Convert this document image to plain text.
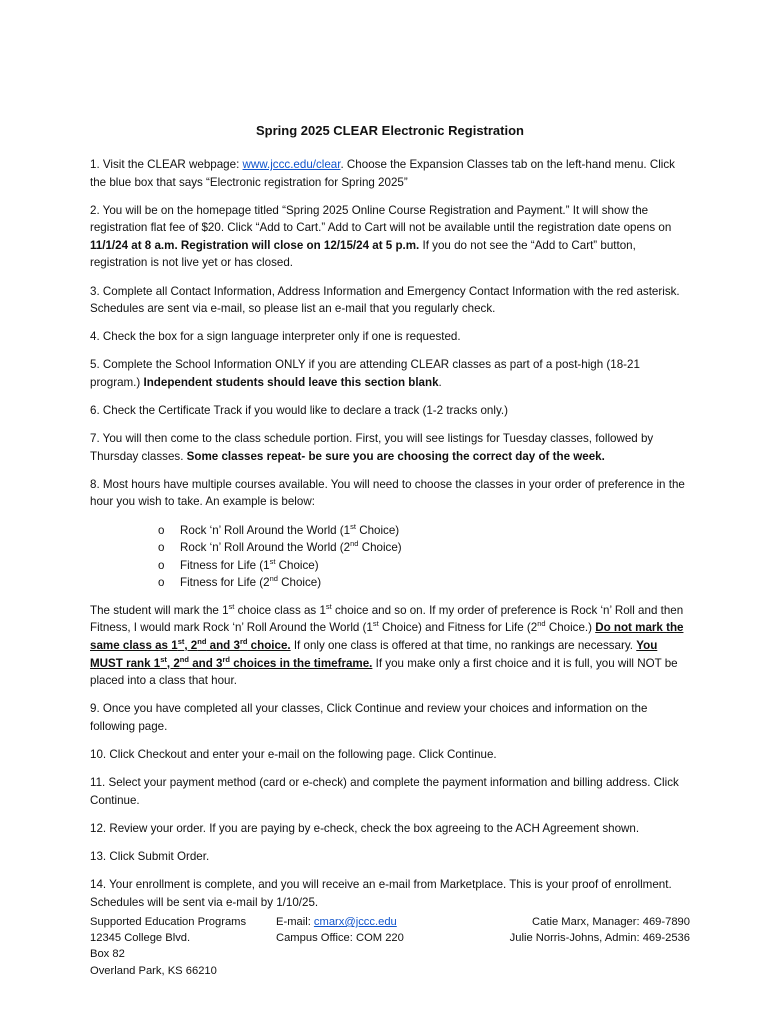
Spring 2025 CLEAR Electronic Registration

1. Visit the CLEAR webpage: www.jccc.edu/clear. Choose the Expansion Classes tab on the left-hand menu. Click the blue box that says “Electronic registration for Spring 2025”

2. You will be on the homepage titled “Spring 2025 Online Course Registration and Payment.” It will show the registration flat fee of $20. Click “Add to Cart.” Add to Cart will not be available until the registration date opens on 11/1/24 at 8 a.m. Registration will close on 12/15/24 at 5 p.m. If you do not see the “Add to Cart” button, registration is not live yet or has closed.

3. Complete all Contact Information, Address Information and Emergency Contact Information with the red asterisk. Schedules are sent via e-mail, so please list an e-mail that you regularly check.

4. Check the box for a sign language interpreter only if one is requested.

5. Complete the School Information ONLY if you are attending CLEAR classes as part of a post-high (18-21 program.) Independent students should leave this section blank.

6. Check the Certificate Track if you would like to declare a track (1-2 tracks only.)

7. You will then come to the class schedule portion. First, you will see listings for Tuesday classes, followed by Thursday classes. Some classes repeat- be sure you are choosing the correct day of the week.

8. Most hours have multiple courses available. You will need to choose the classes in your order of preference in the hour you wish to take. An example is below:

o Rock ‘n’ Roll Around the World (1st Choice)
o Rock ‘n’ Roll Around the World (2nd Choice)
o Fitness for Life (1st Choice)
o Fitness for Life (2nd Choice)

The student will mark the 1st choice class as 1st choice and so on. If my order of preference is Rock ‘n’ Roll and then Fitness, I would mark Rock ‘n’ Roll Around the World (1st Choice) and Fitness for Life (2nd Choice.) Do not mark the same class as 1st, 2nd and 3rd choice. If only one class is offered at that time, no rankings are necessary. You MUST rank 1st, 2nd and 3rd choices in the timeframe. If you make only a first choice and it is full, you will NOT be placed into a class that hour.

9. Once you have completed all your classes, Click Continue and review your choices and information on the following page.

10. Click Checkout and enter your e-mail on the following page. Click Continue.

11. Select your payment method (card or e-check) and complete the payment information and billing address. Click Continue.

12. Review your order. If you are paying by e-check, check the box agreeing to the ACH Agreement shown.

13. Click Submit Order.

14. Your enrollment is complete, and you will receive an e-mail from Marketplace. This is your proof of enrollment. Schedules will be sent via e-mail by 1/10/25.

Supported Education Programs
12345 College Blvd.
Box 82
Overland Park, KS 66210
E-mail: cmarx@jccc.edu
Campus Office: COM 220
Catie Marx, Manager: 469-7890
Julie Norris-Johns, Admin: 469-2536
